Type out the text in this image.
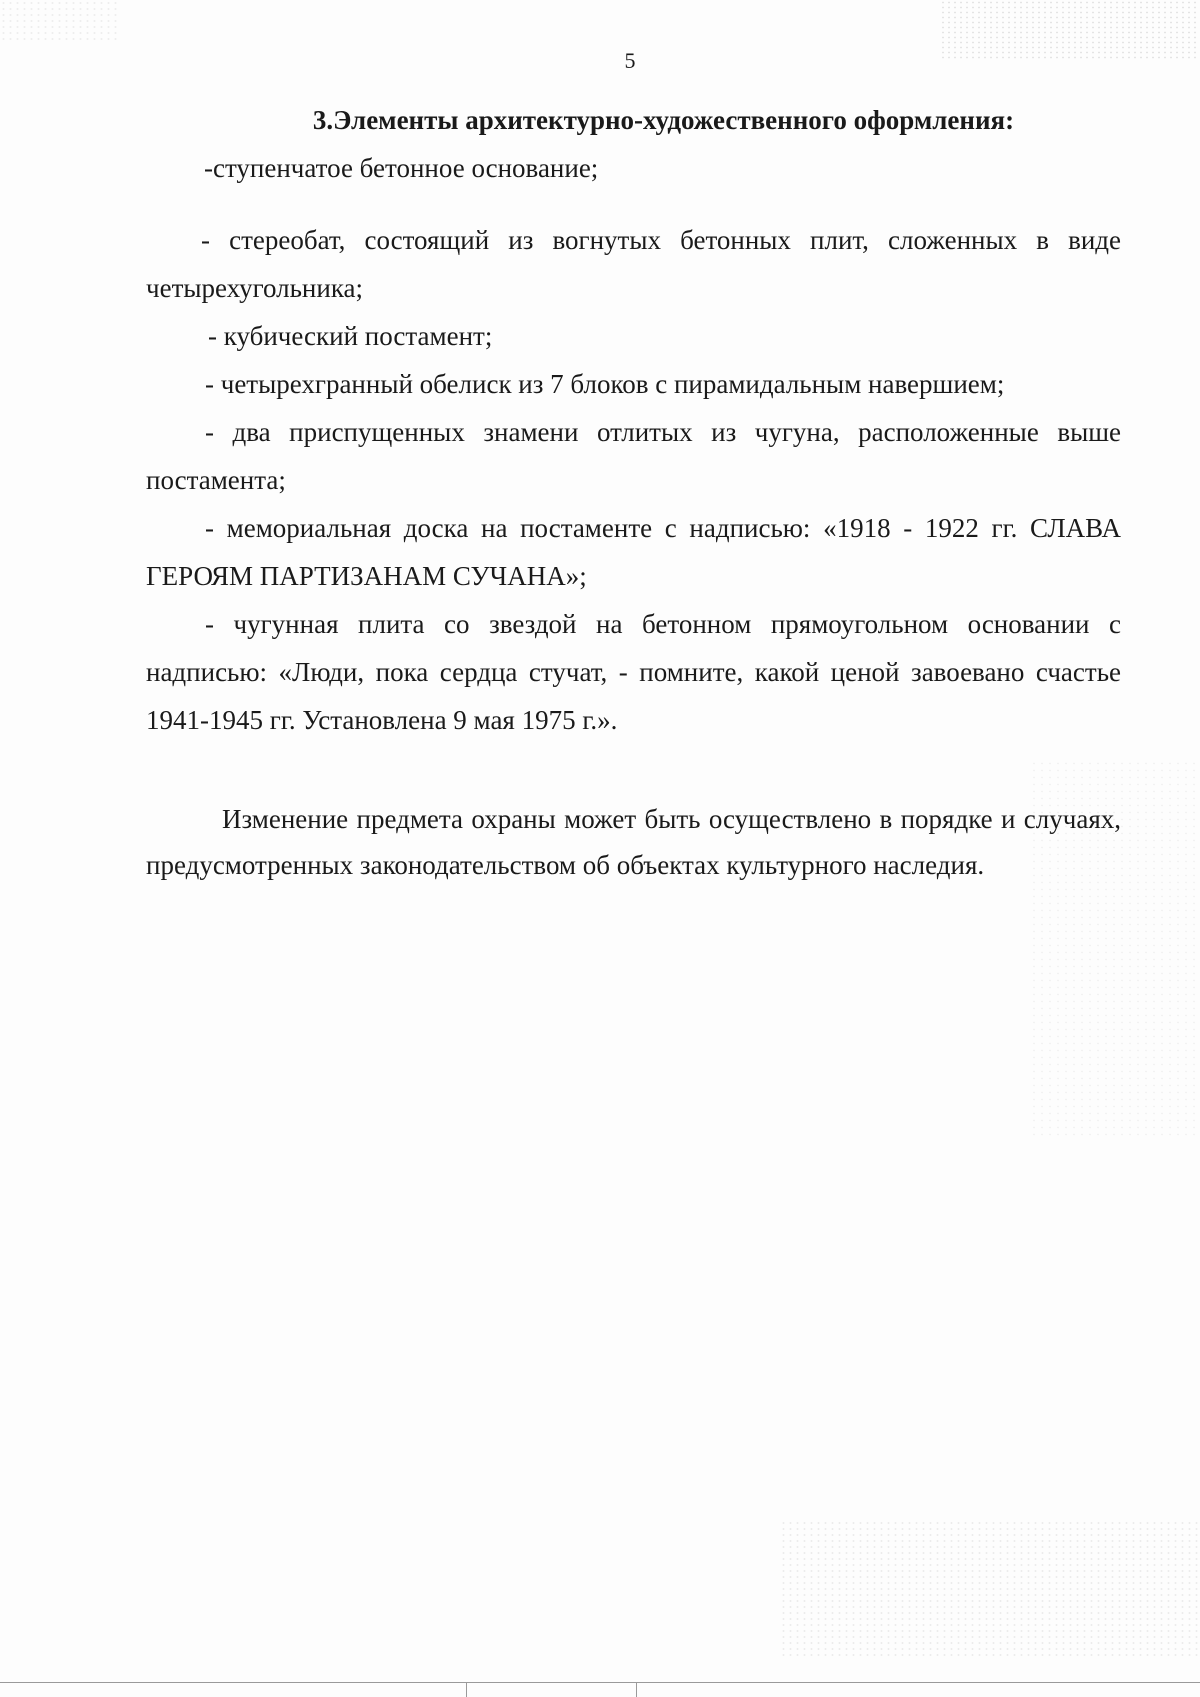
5

3.Элементы архитектурно-художественного оформления:

-ступенчатое бетонное основание;

- стереобат, состоящий из вогнутых бетонных плит, сложенных в виде четырехугольника;

- кубический постамент;

- четырехгранный обелиск из 7 блоков с пирамидальным навершием;

- два приспущенных знамени отлитых из чугуна, расположенные выше постамента;

- мемориальная доска на постаменте с надписью: «1918 - 1922 гг. СЛАВА ГЕРОЯМ ПАРТИЗАНАМ СУЧАНА»;

- чугунная плита со звездой на бетонном прямоугольном основании с надписью: «Люди, пока сердца стучат, - помните, какой ценой завоевано счастье 1941-1945 гг. Установлена 9 мая 1975 г.».

Изменение предмета охраны может быть осуществлено в порядке и случаях, предусмотренных законодательством об объектах культурного наследия.
